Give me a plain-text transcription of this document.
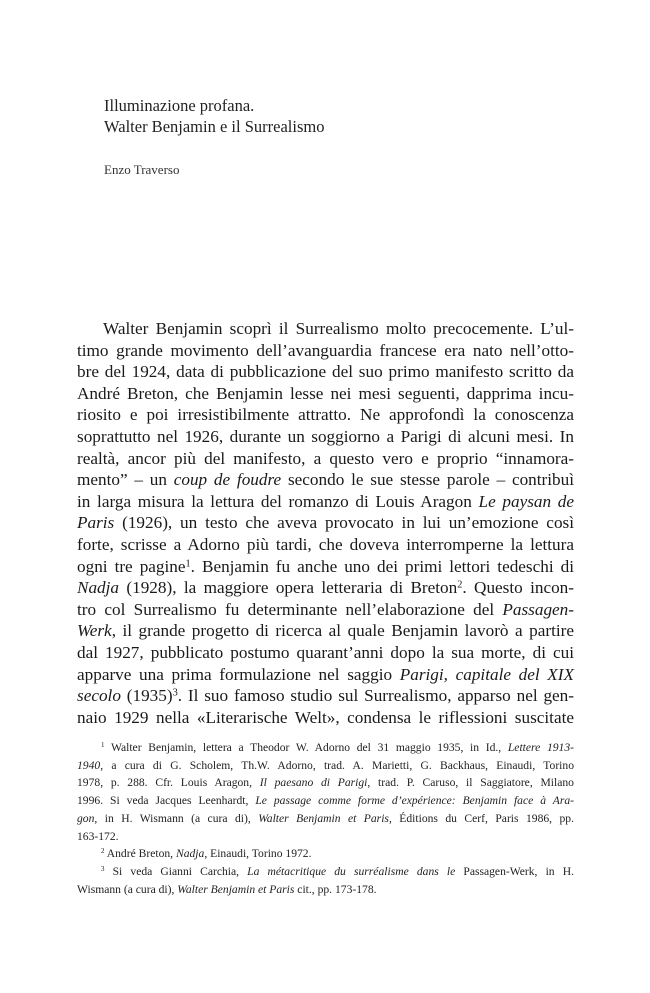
Illuminazione profana.
Walter Benjamin e il Surrealismo
Enzo Traverso
Walter Benjamin scoprì il Surrealismo molto precocemente. L’ul-
timo grande movimento dell’avanguardia francese era nato nell’otto-
bre del 1924, data di pubblicazione del suo primo manifesto scritto da
André Breton, che Benjamin lesse nei mesi seguenti, dapprima incu-
riosito e poi irresistibilmente attratto. Ne approfondì la conoscenza
soprattutto nel 1926, durante un soggiorno a Parigi di alcuni mesi. In
realtà, ancor più del manifesto, a questo vero e proprio “innamora-
mento” – un coup de foudre secondo le sue stesse parole – contribuì
in larga misura la lettura del romanzo di Louis Aragon Le paysan de
Paris (1926), un testo che aveva provocato in lui un’emozione così
forte, scrisse a Adorno più tardi, che doveva interromperne la lettura
ogni tre pagine$^1$. Benjamin fu anche uno dei primi lettori tedeschi di
Nadja (1928), la maggiore opera letteraria di Breton$^2$. Questo incon-
tro col Surrealismo fu determinante nell’elaborazione del Passagen-
Werk, il grande progetto di ricerca al quale Benjamin lavorò a partire
dal 1927, pubblicato postumo quarant’anni dopo la sua morte, di cui
apparve una prima formulazione nel saggio Parigi, capitale del XIX
secolo $(1935)^3$. Il suo famoso studio sul Surrealismo, apparso nel gen-
naio 1929 nella «Literarische Welt», condensa le riflessioni suscitate
$^1$ Walter Benjamin, lettera a Theodor W. Adorno del 31 maggio 1935, in Id., Lettere 1913-
1940, a cura di G. Scholem, Th.W. Adorno, trad. A. Marietti, G. Backhaus, Einaudi, Torino
1978, p. 288. Cfr. Louis Aragon, Il paesano di Parigi, trad. P. Caruso, il Saggiatore, Milano
1996. Si veda Jacques Leenhardt, Le passage comme forme d’expérience: Benjamin face à Ara-
gon, in H. Wismann (a cura di), Walter Benjamin et Paris, Éditions du Cerf, Paris 1986, pp.
163-172.
$^2$ André Breton, Nadja, Einaudi, Torino 1972.
$^3$ Si veda Gianni Carchia, La métacritique du surréalisme dans le Passagen-Werk, in H.
Wismann (a cura di), Walter Benjamin et Paris cit., pp. 173-178.
